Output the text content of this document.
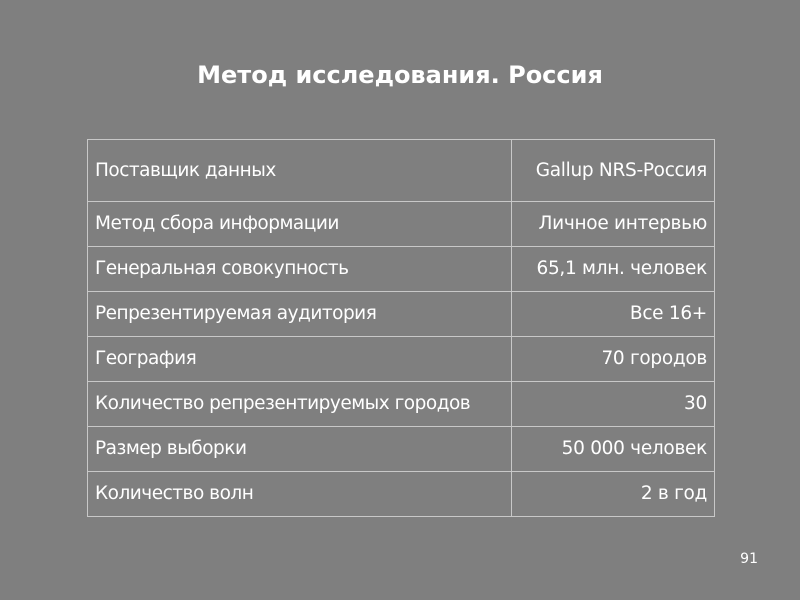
Метод исследования. Россия
Поставщик данных	Gallup NRS-Россия
Метод сбора информации	Личное интервью
Генеральная совокупность	65,1 млн. человек
Репрезентируемая аудитория	Все 16+
География	70 городов
Количество репрезентируемых городов	30
Размер выборки	50 000 человек
Количество волн	2 в год
91
